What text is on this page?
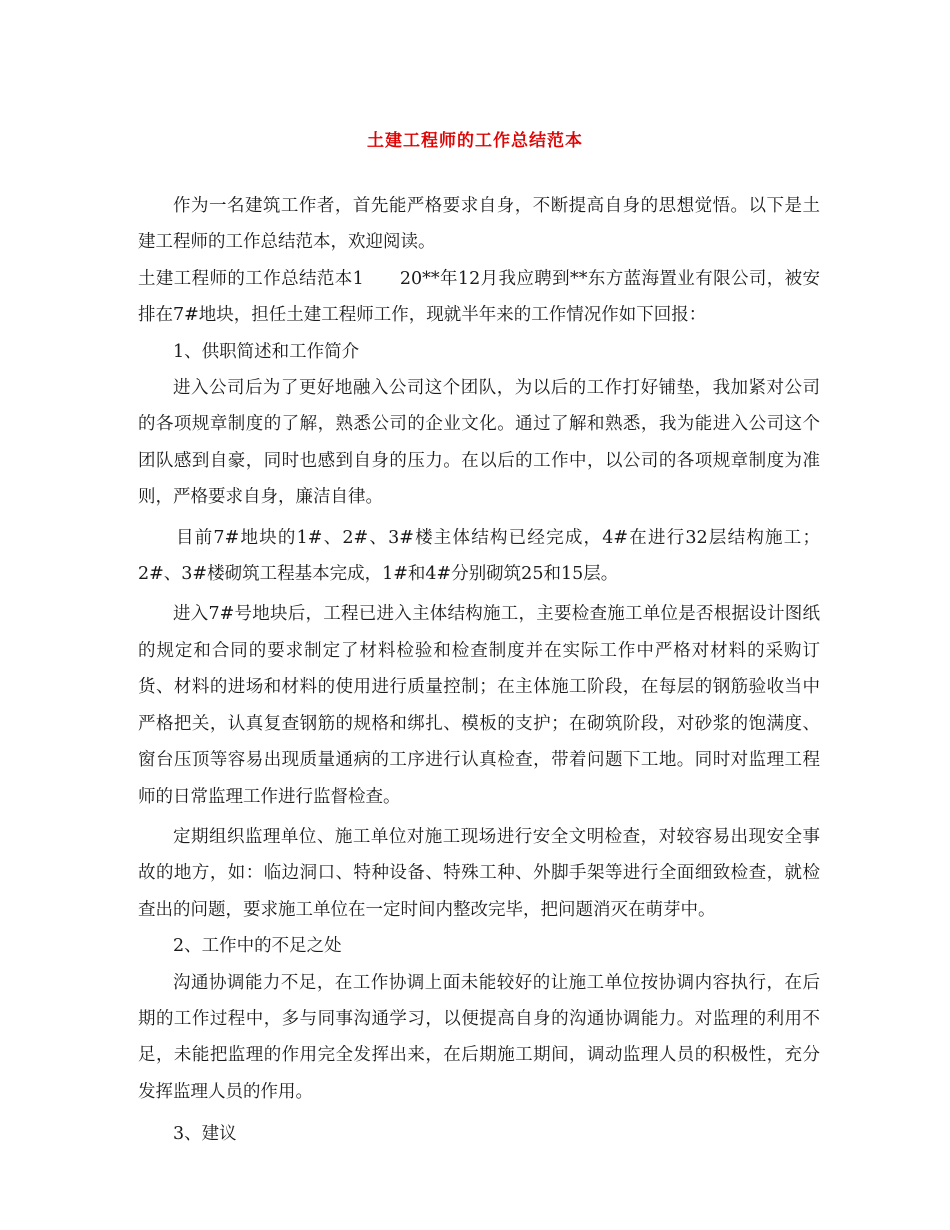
土建工程师的工作总结范本

作为一名建筑工作者，首先能严格要求自身，不断提高自身的思想觉悟。以下是土建工程师的工作总结范本，欢迎阅读。

土建工程师的工作总结范本1　　20**年12月我应聘到**东方蓝海置业有限公司，被安排在7#地块，担任土建工程师工作，现就半年来的工作情况作如下回报：

1、供职简述和工作简介

进入公司后为了更好地融入公司这个团队，为以后的工作打好铺垫，我加紧对公司的各项规章制度的了解，熟悉公司的企业文化。通过了解和熟悉，我为能进入公司这个团队感到自豪，同时也感到自身的压力。在以后的工作中，以公司的各项规章制度为准则，严格要求自身，廉洁自律。

目前7#地块的1#、2#、3#楼主体结构已经完成，4#在进行32层结构施工；2#、3#楼砌筑工程基本完成，1#和4#分别砌筑25和15层。

进入7#号地块后，工程已进入主体结构施工，主要检查施工单位是否根据设计图纸的规定和合同的要求制定了材料检验和检查制度并在实际工作中严格对材料的采购订货、材料的进场和材料的使用进行质量控制；在主体施工阶段，在每层的钢筋验收当中严格把关，认真复查钢筋的规格和绑扎、模板的支护；在砌筑阶段，对砂浆的饱满度、窗台压顶等容易出现质量通病的工序进行认真检查，带着问题下工地。同时对监理工程师的日常监理工作进行监督检查。

定期组织监理单位、施工单位对施工现场进行安全文明检查，对较容易出现安全事故的地方，如：临边洞口、特种设备、特殊工种、外脚手架等进行全面细致检查，就检查出的问题，要求施工单位在一定时间内整改完毕，把问题消灭在萌芽中。

2、工作中的不足之处

沟通协调能力不足，在工作协调上面未能较好的让施工单位按协调内容执行，在后期的工作过程中，多与同事沟通学习，以便提高自身的沟通协调能力。对监理的利用不足，未能把监理的作用完全发挥出来，在后期施工期间，调动监理人员的积极性，充分发挥监理人员的作用。

3、建议
